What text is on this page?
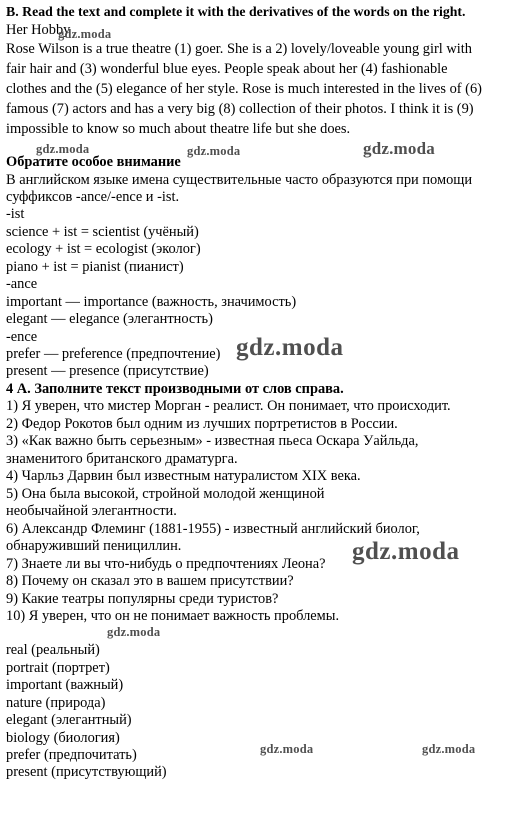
B. Read the text and complete it with the derivatives of the words on the right.

Her Hobby

Rose Wilson is a true theatre (1) goer. She is a 2) lovely/loveable young girl with

fair hair and (3) wonderful blue eyes. People speak about her (4) fashionable

clothes and the (5) elegance of her style. Rose is much interested in the lives of (6)

famous (7) actors and has a very big (8) collection of their photos. I think it is (9)

impossible to know so much about theatre life but she does.

Обратите особое внимание

В английском языке имена существительные часто образуются при помощи

суффиксов -ance/-ence и -ist.

-ist

science + ist = scientist (учёный)

ecology + ist = ecologist (эколог)

piano + ist = pianist (пианист)

-ance

important — importance (важность, значимость)

elegant — elegance (элегантность)

-ence

prefer — preference (предпочтение)

present — presence (присутствие)

4 А. Заполните текст производными от слов справа.

1) Я уверен, что мистер Морган - реалист. Он понимает, что происходит.

2) Федор Рокотов был одним из лучших портретистов в России.

3) «Как важно быть серьезным» - известная пьеса Оскара Уайльда,

знаменитого британского драматурга.

4) Чарльз Дарвин был известным натуралистом XIX века.

5) Она была высокой, стройной молодой женщиной

необычайной элегантности.

6) Александр Флеминг (1881-1955) - известный английский биолог,

обнаруживший пенициллин.

7) Знаете ли вы что-нибудь о предпочтениях Леона?

8) Почему он сказал это в вашем присутствии?

9) Какие театры популярны среди туристов?

10) Я уверен, что он не понимает важность проблемы.

real (реальный)

portrait (портрет)

important (важный)

nature (природа)

elegant (элегантный)

biology (биология)

prefer (предпочитать)

present (присутствующий)

gdz.moda
gdz.moda	gdz.moda	gdz.moda
gdz.moda
gdz.moda
gdz.moda
gdz.moda	gdz.moda
